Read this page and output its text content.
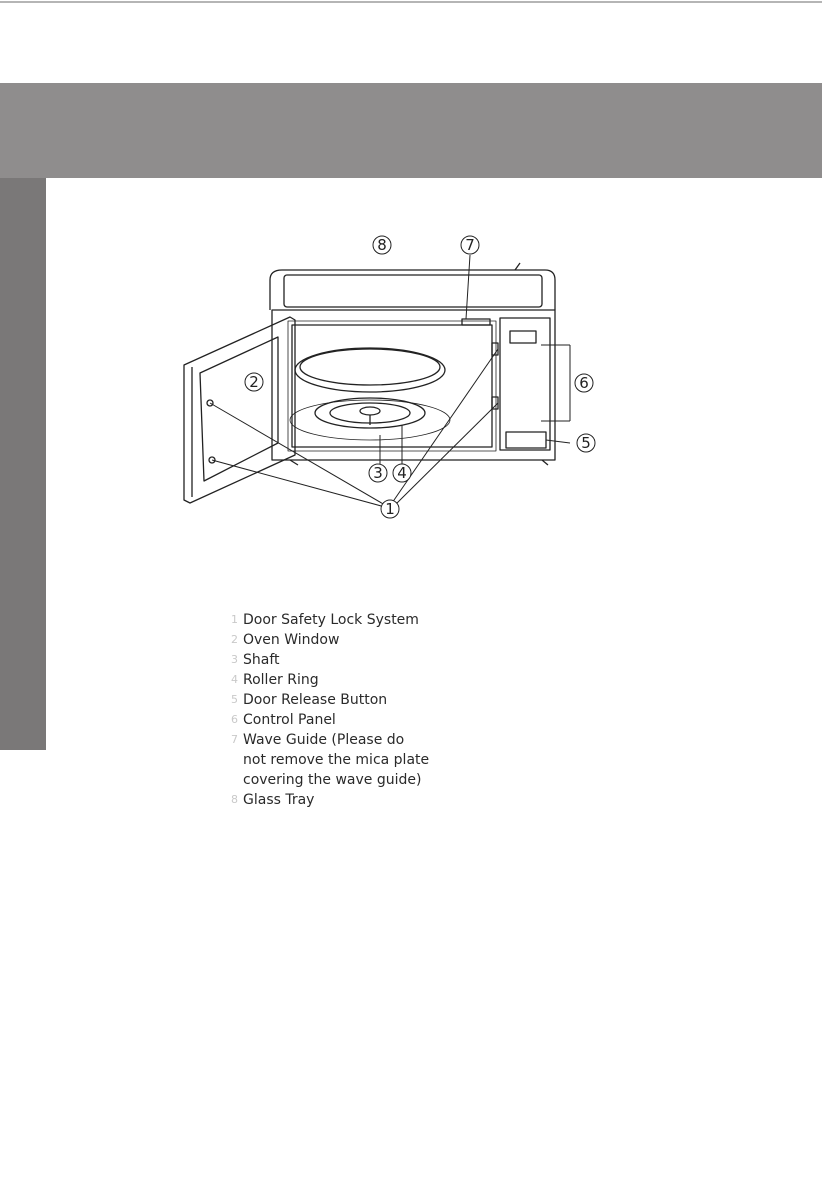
1
2
3 4
5
6
7
8
1 Door Safety Lock System
2 Oven Window
3 Shaft
4 Roller Ring
5 Door Release Button
6 Control Panel
7 Wave Guide (Please do
not remove the mica plate
covering the wave guide)
8 Glass Tray
